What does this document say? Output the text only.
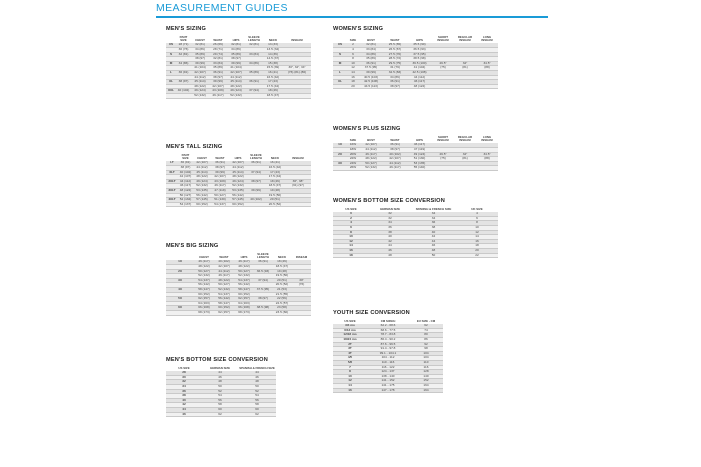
MEASUREMENT GUIDES
MEN'S SIZING
	PANT SIZE	CHEST	WAIST	HIPS	SLEEVE LENGTH	NECK	INSEAM
XS	28 (71)	32 (81)	26 (66)	32 (81)	32 (81)	13 (33)	
	30 (76)	34 (86)	28 (71)	34 (86)		13.5 (34)	
S	32 (81)	35 (89)	29 (74)	35 (89)	33 (84)	14 (36)	
		38 (97)	32 (81)	38 (97)		14.5 (37)	
M	34 (86)	39 (99)	33 (84)	39 (99)	34 (86)	15 (38)	
		41 (104)	35 (89)	41 (104)		15.5 (39)	30", 32", 34"
L	36 (91)	42 (107)	36 (91)	42 (107)	35 (89)	16 (41)	(76) (81) (86)
		44 (112)	38 (97)	44 (112)		16.5 (42)	
XL	38 (97)	45 (114)	39 (99)	45 (114)	36 (91)	17 (43)	
		48 (122)	42 (107)	48 (122)		17.5 (44)	
XXL	40 (102)	49 (124)	43 (109)	49 (124)	37 (94)	18 (46)	
		52 (132)	46 (117)	52 (132)		18.5 (47)	
MEN'S TALL SIZING
	PANT SIZE	CHEST	WAIST	HIPS	SLEEVE LENGTH	NECK	INSEAM
LT	36 (91)	42 (107)	36 (91)	42 (107)	36 (91)	16 (41)	
	38 (97)	44 (112)	38 (97)	44 (112)		16.5 (42)	
XLT	40 (102)	45 (114)	39 (99)	45 (114)	37 (94)	17 (43)	
	42 (107)	48 (122)	42 (107)	48 (122)		17.5 (44)	
2XLT	44 (112)	49 (124)	43 (109)	49 (124)	38 (97)	18 (46)	36", 38"
	46 (117)	52 (132)	46 (117)	52 (132)		18.5 (47)	(91) (97)
3XLT	48 (122)	53 (135)	47 (119)	53 (135)	39 (99)	19 (48)	
	50 (127)	56 (142)	50 (127)	56 (142)		19.5 (50)	
4XLT	52 (132)	57 (145)	51 (130)	57 (145)	40 (102)	20 (51)	
	54 (137)	60 (152)	54 (137)	60 (152)		20.5 (52)	
MEN'S BIG SIZING
	CHEST	WAIST	HIPS	SLEEVE LENGTH	NECK	INSEAM
1X	46 (117)	40 (102)	46 (117)	36 (91)	18 (46)	
	48 (122)	42 (107)	48 (122)		18.5 (47)	
2X	50 (127)	44 (112)	50 (127)	36.5 (93)	19 (48)	
	52 (132)	46 (117)	52 (132)		19.5 (50)	
3X	54 (137)	48 (122)	54 (137)	37 (94)	20 (51)	30"
	56 (142)	50 (127)	56 (142)		20.5 (52)	(76)
4X	58 (147)	52 (132)	58 (147)	37.5 (95)	21 (53)	
	60 (152)	54 (137)	60 (152)		21.5 (55)	
5X	62 (157)	56 (142)	62 (157)	38 (97)	22 (56)	
	64 (163)	58 (147)	64 (163)		22.5 (57)	
6X	66 (168)	60 (152)	66 (168)	38.5 (98)	23 (58)	
	68 (173)	62 (157)	68 (173)		23.5 (60)	
MEN'S BOTTOM SIZE CONVERSION
US SIZE	GERMAN SIZE	SPANISH & FRENCH SIZE
28	44	44
30	46	46
32	48	48
34	50	50
36	52	52
38	54	54
40	56	56
42	58	58
44	60	60
46	62	62
WOMEN'S SIZING
	SIZE	BUST	WAIST	HIPS	SHORT INSEAM	REGULAR INSEAM	LONG INSEAM
XS	2	32 (81)	25.5 (65)	35.5 (90)			
	4	33 (84)	26.5 (67)	36.5 (93)			
S	6	34 (86)	27.5 (70)	37.5 (95)			
	8	35 (89)	28.5 (72)	38.5 (98)			
M	10	36 (91)	29.5 (75)	39.5 (100)	29.5"	32"	34.5"
	12	37.5 (95)	31 (79)	41 (104)	(75)	(81)	(88)
L	14	39 (99)	32.5 (83)	42.5 (108)			
	16	40.5 (103)	34 (86)	44 (112)			
XL	18	42.5 (108)	36 (91)	46 (117)			
	20	44.5 (113)	38 (97)	48 (122)			
WOMEN'S PLUS SIZING
	SIZE	BUST	WAIST	HIPS	SHORT INSEAM	REGULAR INSEAM	LONG INSEAM
1X	16W	42 (107)	36 (91)	46 (117)			
	18W	44 (112)	38 (97)	47 (119)			
2X	20W	46 (117)	40 (102)	49 (124)	29.5"	32"	34.5"
	22W	48 (122)	42 (107)	51 (130)	(75)	(81)	(88)
3X	24W	50 (127)	44 (112)	53 (135)			
	26W	52 (132)	46 (117)	55 (140)			
WOMEN'S BOTTOM SIZE CONVERSION
US SIZE	GERMAN SIZE	SPANISH & FRENCH SIZE	UK SIZE
0	32	34	4
2	32	34	6
4	34	36	8
6	36	38	10
8	38	40	12
10	40	42	14
12	42	44	16
14	44	46	18
16	46	48	20
18	48	50	22
YOUTH SIZE CONVERSION
US SIZE	CM SIZE/H	EU SIZE - CM
3/4 mo	62.2 - 68.6	62
6/12 mo	68.6 - 77.5	74
12/18 mo	78.7 - 83.8	80
18/24 mo	86.4 - 90.2	86
2T	87.6 - 96.5	92
3T	91.4 - 97.8	98
4T	99.1 - 104.1	104
4/5	104 - 112	104
5/6	110 - 116	110
7	116 - 122	116
8	124 - 137	128
10	138 - 140	140
12	141 - 152	152
14	141 - 175	164
16	147 - 178	164
